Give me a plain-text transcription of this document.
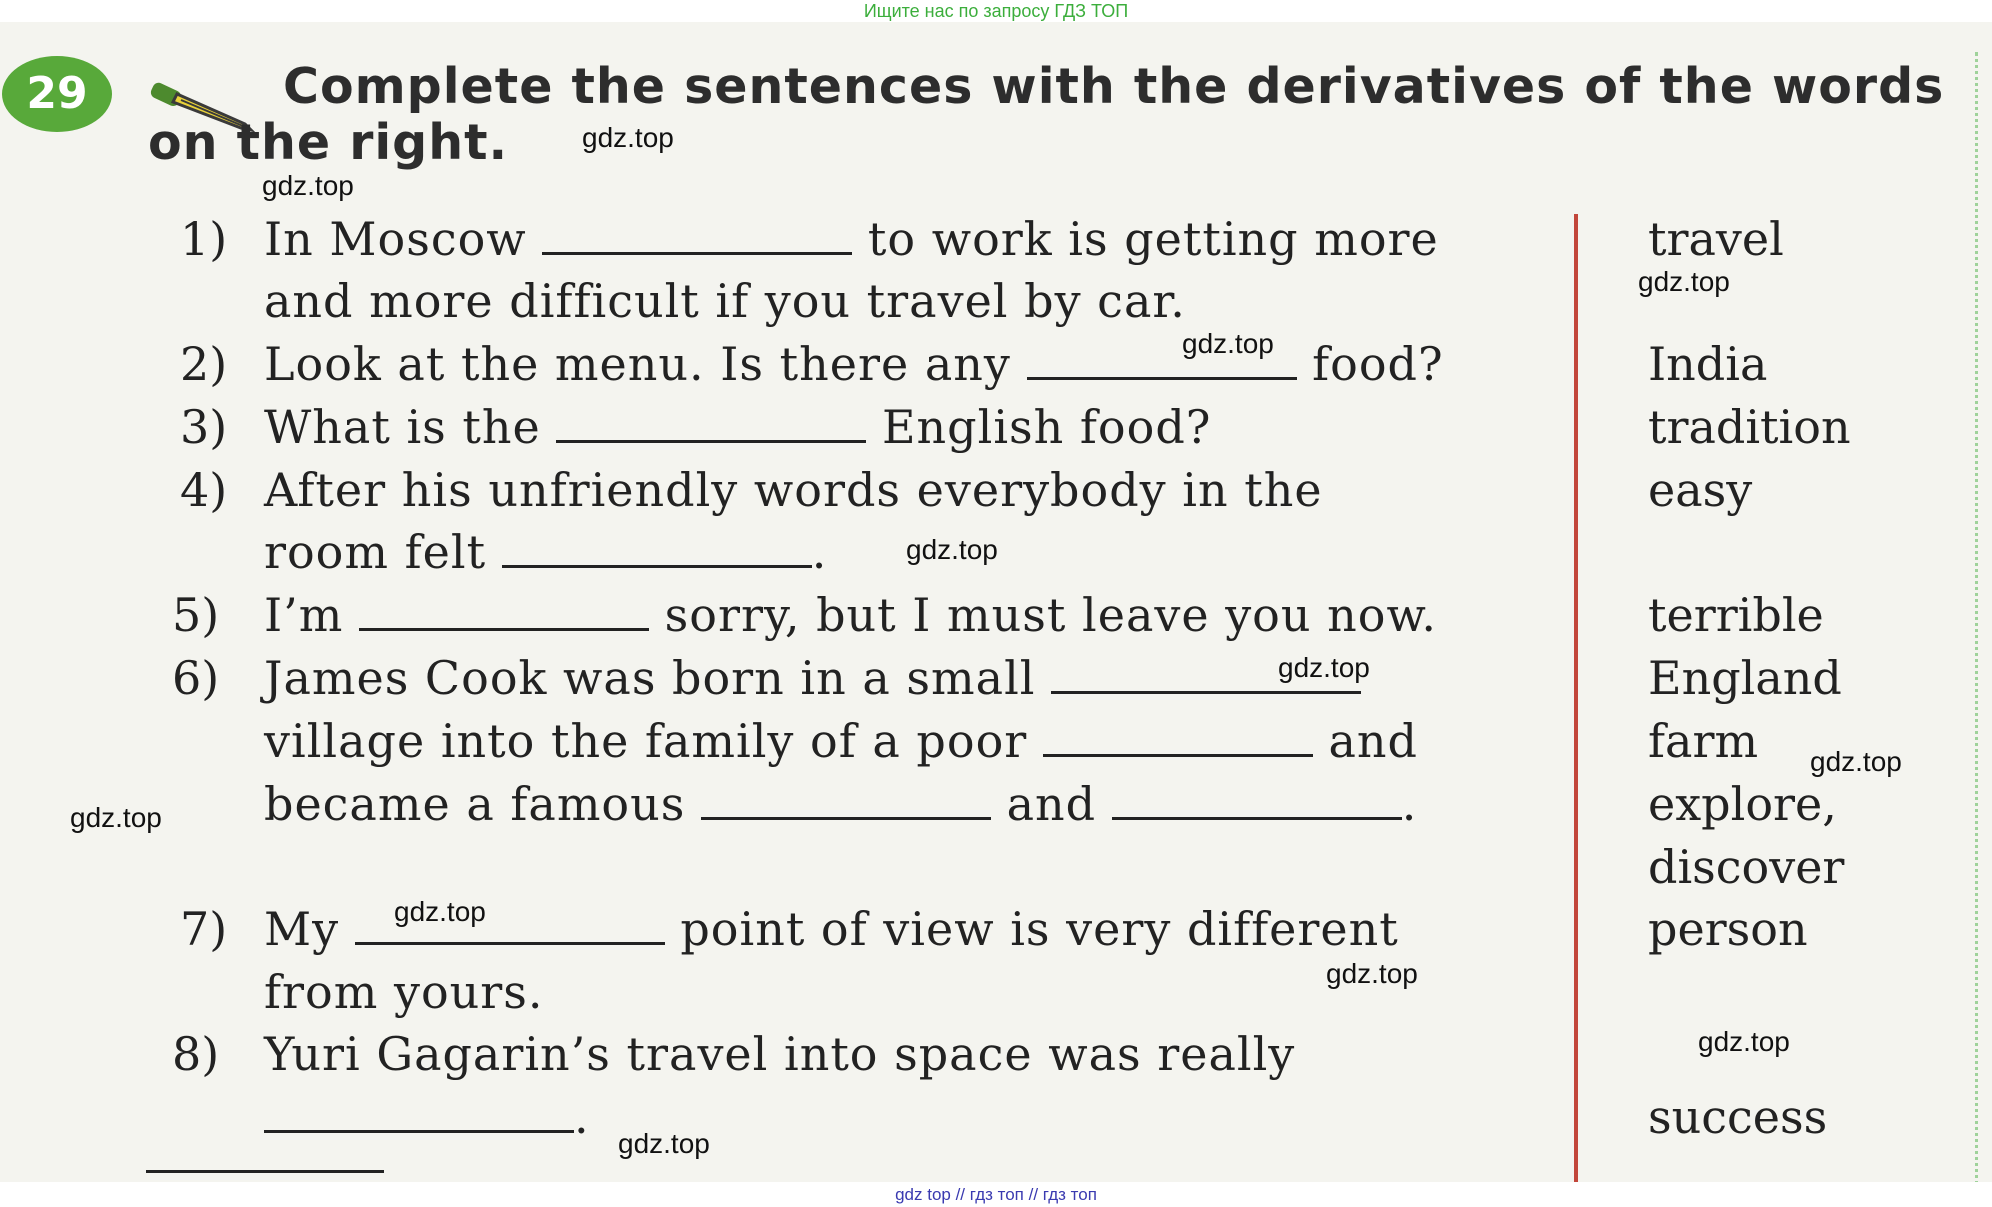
Ищите нас по запросу ГДЗ ТОП

29	Complete the sentences with the derivatives of the words
on the right.
1) In Moscow	to work is getting more
and more difficult if you travel by car.
2) Look at the menu. Is there any	food?
3) What is the	English food?
4) After his unfriendly words everybody in the
room felt	.
5) I’m	sorry, but I must leave you now.
6) James Cook was born in a small
village into the family of a poor	and
became a famous	and	.
7) My	point of view is very different
from yours.
8) Yuri Gagarin’s travel into space was really
.
travel
India
tradition
easy
terrible
England
farm
explore,
discover
person
success
gdz.top
gdz.top
gdz.top
gdz.top
gdz.top
gdz.top
gdz.top
gdz.top
gdz.top
gdz.top
gdz.top
gdz.top
gdz top // гдз топ // гдз топ
